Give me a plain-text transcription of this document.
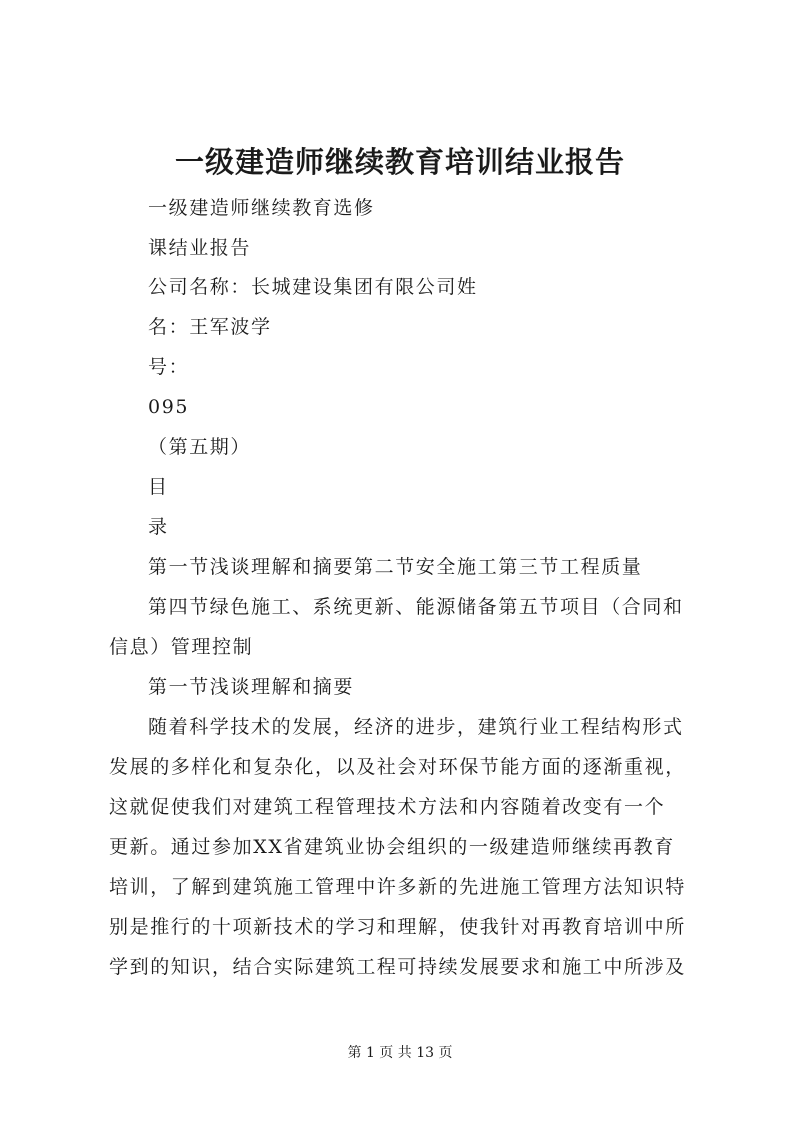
一级建造师继续教育培训结业报告
一级建造师继续教育选修
课结业报告
公司名称：长城建设集团有限公司姓
名：王军波学
号：
095
（第五期）
目
录
第一节浅谈理解和摘要第二节安全施工第三节工程质量
第四节绿色施工、系统更新、能源储备第五节项目（合同和
信息）管理控制
第一节浅谈理解和摘要
随着科学技术的发展，经济的进步，建筑行业工程结构形式
发展的多样化和复杂化，以及社会对环保节能方面的逐渐重视，
这就促使我们对建筑工程管理技术方法和内容随着改变有一个
更新。通过参加XX省建筑业协会组织的一级建造师继续再教育
培训，了解到建筑施工管理中许多新的先进施工管理方法知识特
别是推行的十项新技术的学习和理解，使我针对再教育培训中所
学到的知识，结合实际建筑工程可持续发展要求和施工中所涉及
第 1 页 共 13 页
